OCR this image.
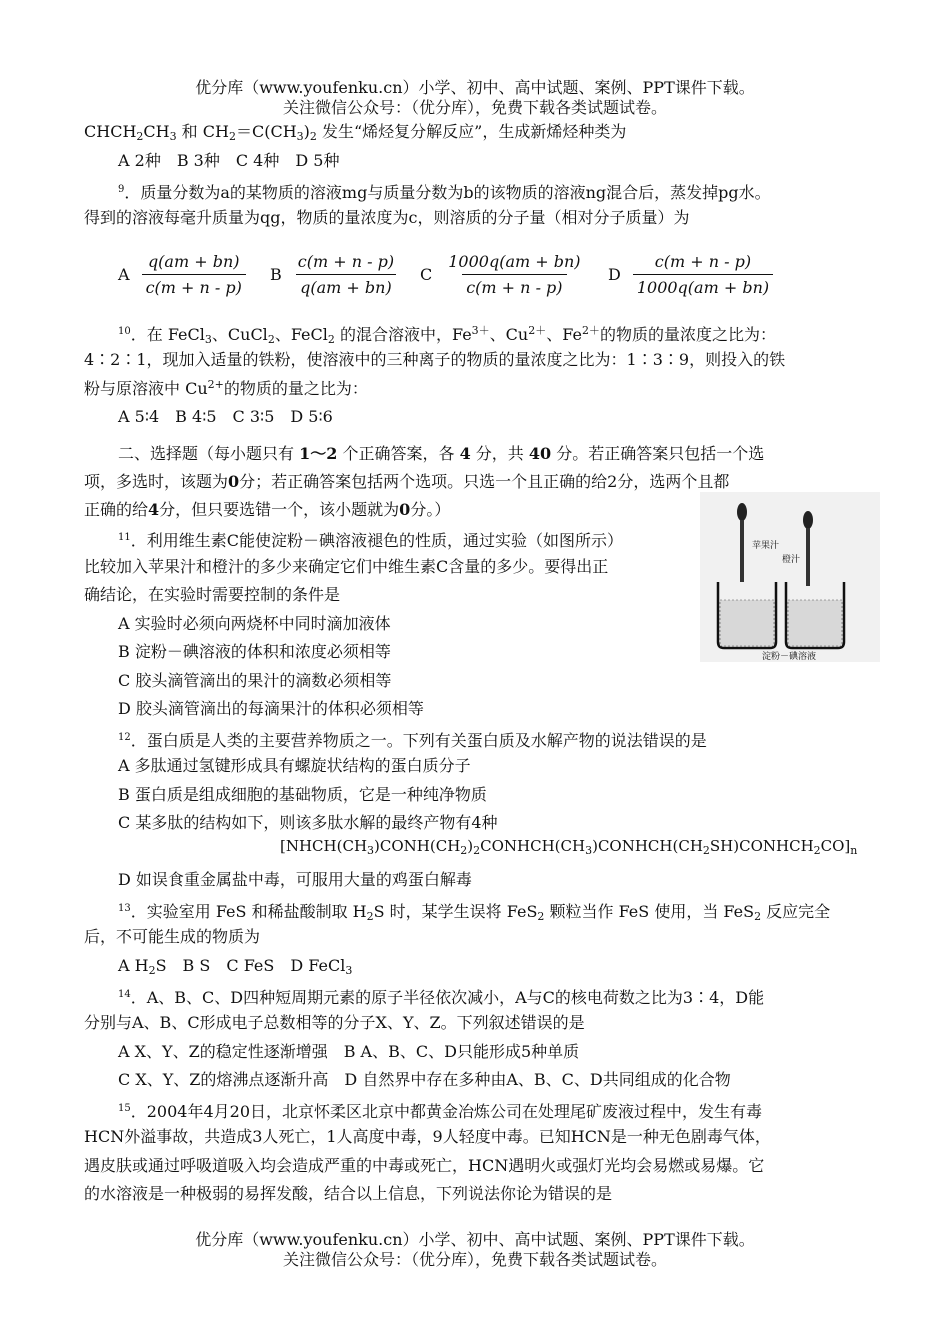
优分库（www.youfenku.cn）小学、初中、高中试题、案例、PPT课件下载。
关注微信公众号：（优分库），免费下载各类试题试卷。
$CHCH_2CH_3$ 和 $CH_2=C(CH_3)_2$ 发生“烯烃复分解反应”，生成新烯烃种类为
A 2种　B 3种　C 4种　D 5种
$^9$．质量分数为a的某物质的溶液mg与质量分数为b的该物质的溶液ng混合后，蒸发掉pg水。
得到的溶液每毫升质量为qg，物质的量浓度为c，则溶质的分子量（相对分子质量）为
A $\frac{q(am + bn)}{c(m + n - p)}$ B $\frac{c(m + n - p)}{q(am + bn)}$ C $\frac{1000q(am + bn)}{c(m + n - p)}$ D $\frac{c(m + n - p)}{1000q(am + bn)}$
$^{10}$．在 FeCl$_3$、CuCl$_2$、FeCl$_2$ 的混合溶液中，$Fe^{3+}$、$Cu^{2+}$、$Fe^{2+}$的物质的量浓度之比为：
4∶2∶1，现加入适量的铁粉，使溶液中的三种离子的物质的量浓度之比为：1∶3∶9，则投入的铁
粉与原溶液中 $Cu^{2+}$的物质的量之比为：
A 5∶4　B 4∶5　C 3∶5　D 5∶6
二、选择题（每小题只有 1～2 个正确答案，各 4 分，共 40 分。若正确答案只包括一个选
项，多选时，该题为0分；若正确答案包括两个选项。只选一个且正确的给2分，选两个且都
正确的给4分，但只要选错一个，该小题就为0分。）
$^{11}$．利用维生素C能使淀粉－碘溶液褪色的性质，通过实验（如图所示）
比较加入苹果汁和橙汁的多少来确定它们中维生素C含量的多少。要得出正
确结论，在实验时需要控制的条件是
A 实验时必须向两烧杯中同时滴加液体
B 淀粉－碘溶液的体积和浓度必须相等
C 胶头滴管滴出的果汁的滴数必须相等
D 胶头滴管滴出的每滴果汁的体积必须相等
苹果汁
橙汁
淀粉－碘溶液
$^{12}$．蛋白质是人类的主要营养物质之一。下列有关蛋白质及水解产物的说法错误的是
A 多肽通过氢键形成具有螺旋状结构的蛋白质分子
B 蛋白质是组成细胞的基础物质，它是一种纯净物质
C 某多肽的结构如下，则该多肽水解的最终产物有4种
$[NHCH(CH_3)CONH(CH_2)_2CONHCH(CH_3)CONHCH(CH_2SH)CONHCH_2CO]_n$
D 如误食重金属盐中毒，可服用大量的鸡蛋白解毒
$^{13}$．实验室用 FeS 和稀盐酸制取 $H_2S$ 时，某学生误将 FeS$_2$ 颗粒当作 FeS 使用，当 FeS$_2$ 反应完全
后，不可能生成的物质为
A $H_2S$　B S　C FeS　D FeCl$_3$
$^{14}$．A、B、C、D四种短周期元素的原子半径依次减小，A与C的核电荷数之比为3∶4，D能
分别与A、B、C形成电子总数相等的分子X、Y、Z。下列叙述错误的是
A X、Y、Z的稳定性逐渐增强　B A、B、C、D只能形成5种单质
C X、Y、Z的熔沸点逐渐升高　D 自然界中存在多种由A、B、C、D共同组成的化合物
$^{15}$．2004年4月20日，北京怀柔区北京中都黄金冶炼公司在处理尾矿废液过程中，发生有毒
HCN外溢事故，共造成3人死亡，1人高度中毒，9人轻度中毒。已知HCN是一种无色剧毒气体，
遇皮肤或通过呼吸道吸入均会造成严重的中毒或死亡，HCN遇明火或强灯光均会易燃或易爆。它
的水溶液是一种极弱的易挥发酸，结合以上信息，下列说法你论为错误的是
优分库（www.youfenku.cn）小学、初中、高中试题、案例、PPT课件下载。
关注微信公众号：（优分库），免费下载各类试题试卷。
